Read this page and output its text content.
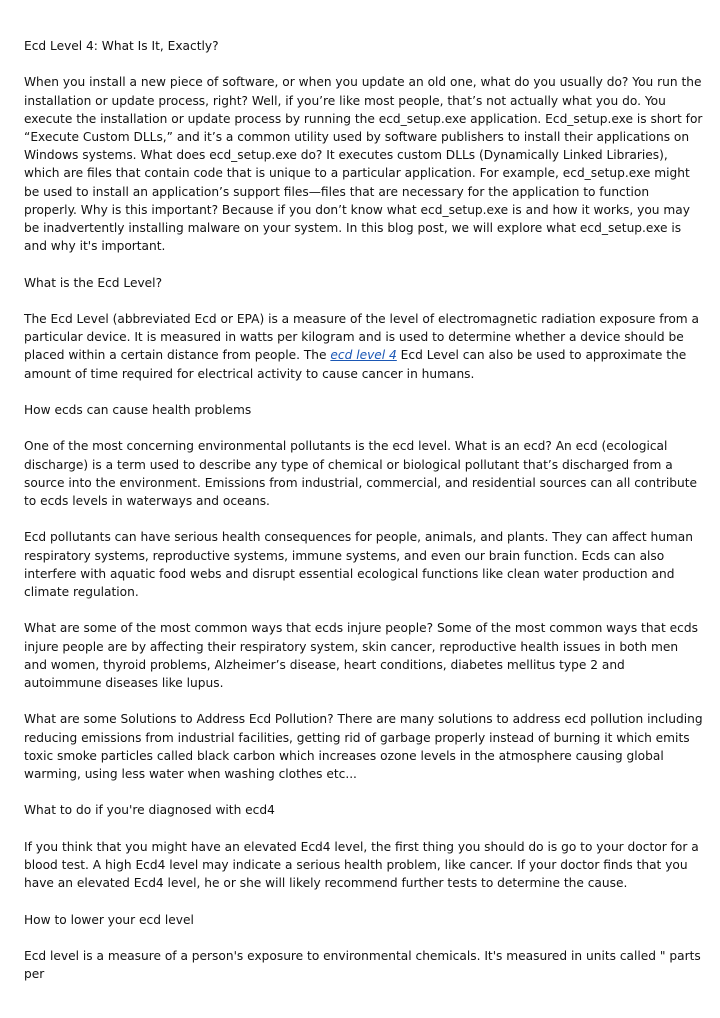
Ecd Level 4: What Is It, Exactly?

When you install a new piece of software, or when you update an old one, what do you usually do? You run the installation or update process, right? Well, if you’re like most people, that’s not actually what you do. You execute the installation or update process by running the ecd_setup.exe application. Ecd_setup.exe is short for “Execute Custom DLLs,” and it’s a common utility used by software publishers to install their applications on Windows systems. What does ecd_setup.exe do? It executes custom DLLs (Dynamically Linked Libraries), which are files that contain code that is unique to a particular application. For example, ecd_setup.exe might be used to install an application’s support files—files that are necessary for the application to function properly. Why is this important? Because if you don’t know what ecd_setup.exe is and how it works, you may be inadvertently installing malware on your system. In this blog post, we will explore what ecd_setup.exe is and why it's important.

What is the Ecd Level?

The Ecd Level (abbreviated Ecd or EPA) is a measure of the level of electromagnetic radiation exposure from a particular device. It is measured in watts per kilogram and is used to determine whether a device should be placed within a certain distance from people. The ecd level 4 Ecd Level can also be used to approximate the amount of time required for electrical activity to cause cancer in humans.

How ecds can cause health problems

One of the most concerning environmental pollutants is the ecd level. What is an ecd? An ecd (ecological discharge) is a term used to describe any type of chemical or biological pollutant that’s discharged from a source into the environment. Emissions from industrial, commercial, and residential sources can all contribute to ecds levels in waterways and oceans.

Ecd pollutants can have serious health consequences for people, animals, and plants. They can affect human respiratory systems, reproductive systems, immune systems, and even our brain function. Ecds can also interfere with aquatic food webs and disrupt essential ecological functions like clean water production and climate regulation.

What are some of the most common ways that ecds injure people? Some of the most common ways that ecds injure people are by affecting their respiratory system, skin cancer, reproductive health issues in both men and women, thyroid problems, Alzheimer’s disease, heart conditions, diabetes mellitus type 2 and autoimmune diseases like lupus.

What are some Solutions to Address Ecd Pollution? There are many solutions to address ecd pollution including reducing emissions from industrial facilities, getting rid of garbage properly instead of burning it which emits toxic smoke particles called black carbon which increases ozone levels in the atmosphere causing global warming, using less water when washing clothes etc...

What to do if you're diagnosed with ecd4

If you think that you might have an elevated Ecd4 level, the first thing you should do is go to your doctor for a blood test. A high Ecd4 level may indicate a serious health problem, like cancer. If your doctor finds that you have an elevated Ecd4 level, he or she will likely recommend further tests to determine the cause.

How to lower your ecd level

Ecd level is a measure of a person's exposure to environmental chemicals. It's measured in units called " parts per
